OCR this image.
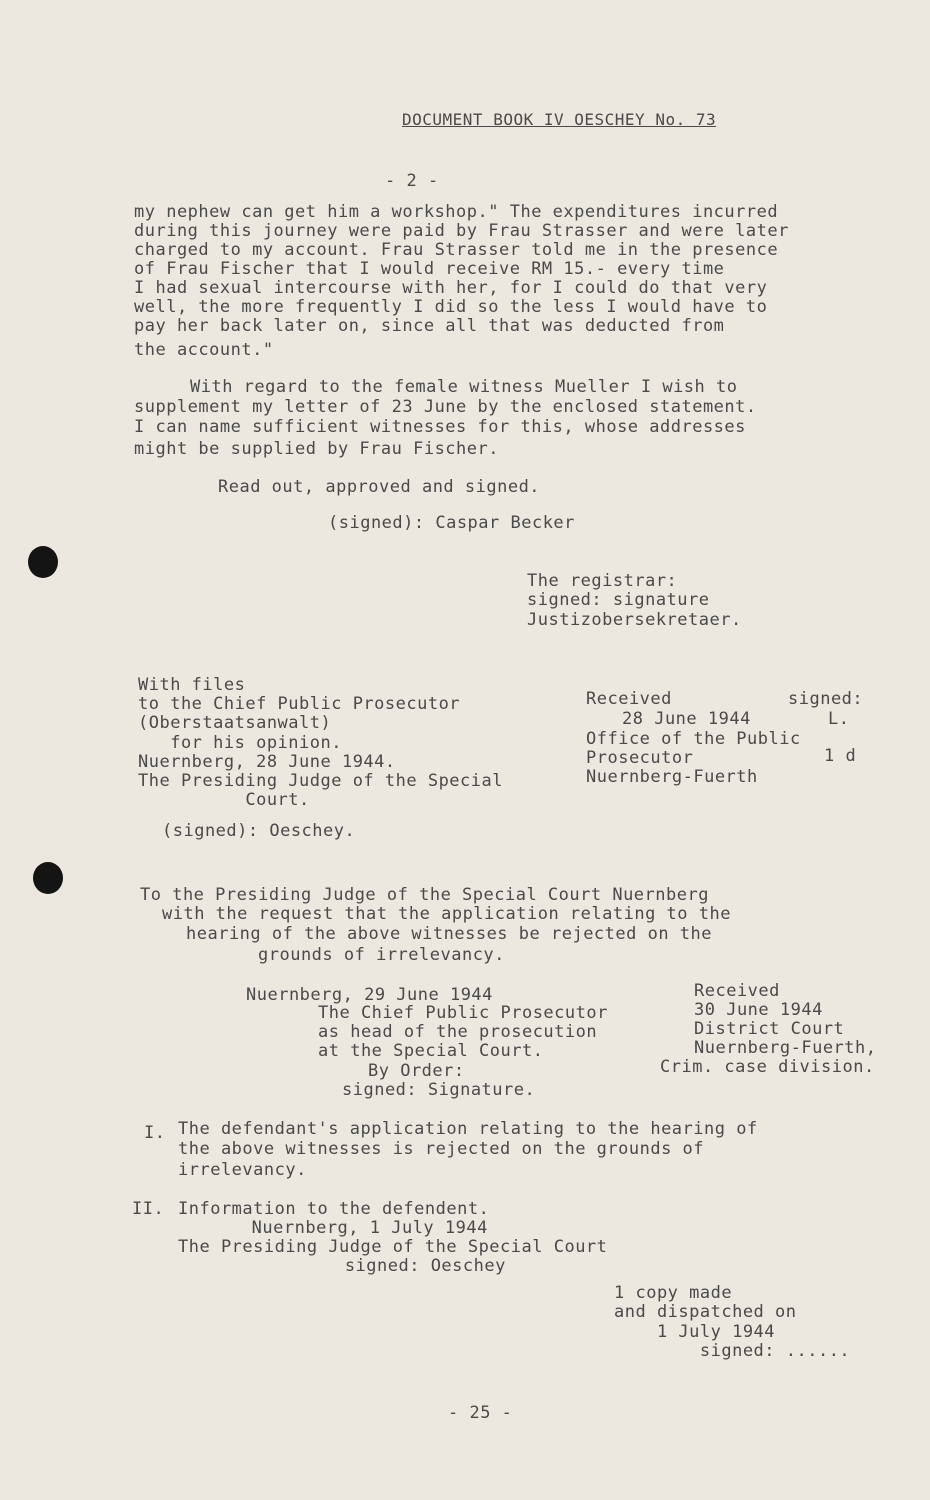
DOCUMENT BOOK IV OESCHEY No. 73
- 2 -
my nephew can get him a workshop." The expenditures incurred
during this journey were paid by Frau Strasser and were later
charged to my account. Frau Strasser told me in the presence
of Frau Fischer that I would receive RM 15.- every time
I had sexual intercourse with her, for I could do that very
well, the more frequently I did so the less I would have to
pay her back later on, since all that was deducted from
the account."
With regard to the female witness Mueller I wish to
supplement my letter of 23 June by the enclosed statement.
I can name sufficient witnesses for this, whose addresses
might be supplied by Frau Fischer.
Read out, approved and signed.
(signed): Caspar Becker
The registrar:
signed: signature
Justizobersekretaer.
With files
to the Chief Public Prosecutor
(Oberstaatsanwalt)
for his opinion.
Nuernberg, 28 June 1944.
The Presiding Judge of the Special
Court.
(signed): Oeschey.
Received	signed:
28 June 1944	L.
Office of the Public
Prosecutor	1 d
Nuernberg-Fuerth
To the Presiding Judge of the Special Court Nuernberg
with the request that the application relating to the
hearing of the above witnesses be rejected on the
grounds of irrelevancy.
Nuernberg, 29 June 1944
The Chief Public Prosecutor
as head of the prosecution
at the Special Court.
By Order:
signed: Signature.
Received
30 June 1944
District Court
Nuernberg-Fuerth,
Crim. case division.
I. The defendant's application relating to the hearing of
the above witnesses is rejected on the grounds of
irrelevancy.
II. Information to the defendent.
Nuernberg, 1 July 1944
The Presiding Judge of the Special Court
signed: Oeschey
1 copy made
and dispatched on
1 July 1944
signed: ......
- 25 -
